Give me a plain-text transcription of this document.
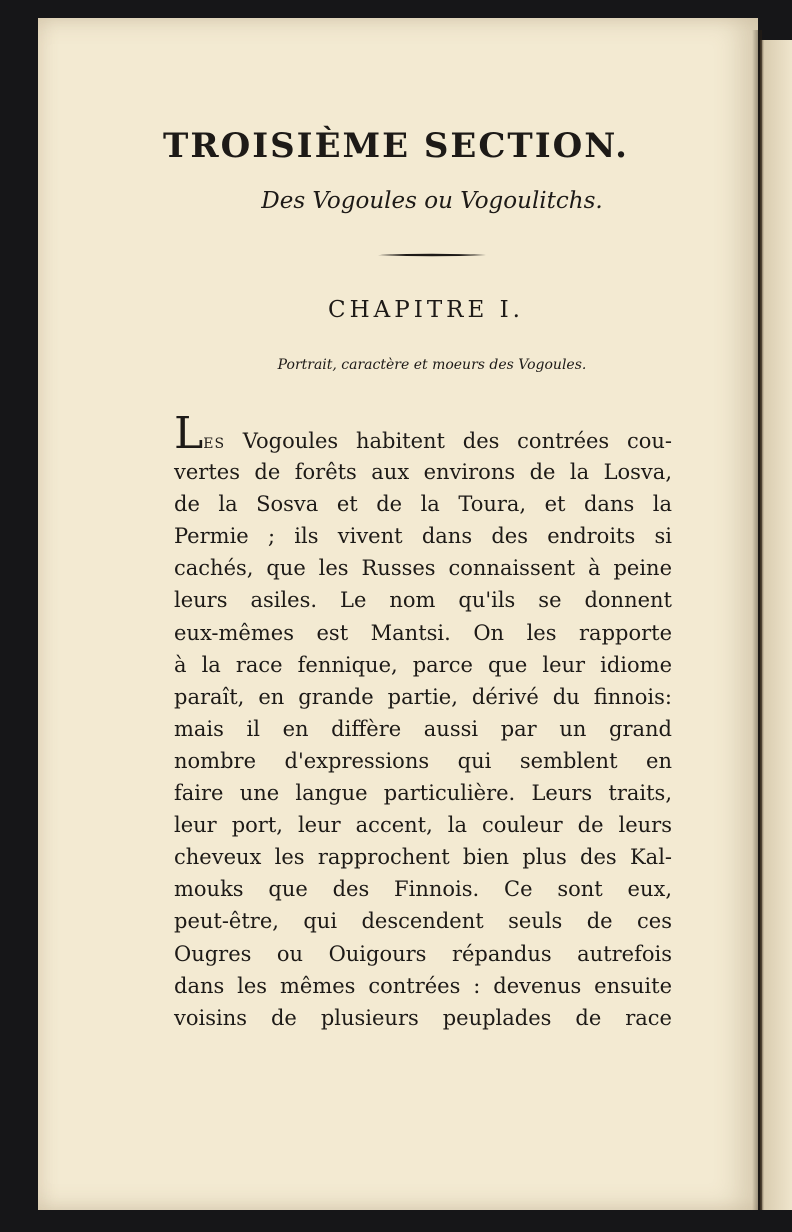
TROISIÈME SECTION.
Des Vogoules ou Vogoulitchs.
CHAPITRE I.
Portrait, caractère et moeurs des Vogoules.
LES Vogoules habitent des contrées cou-
vertes de forêts aux environs de la Losva,
de la Sosva et de la Toura, et dans la
Permie ; ils vivent dans des endroits si
cachés, que les Russes connaissent à peine
leurs asiles. Le nom qu'ils se donnent
eux-mêmes est Mantsi. On les rapporte
à la race fennique, parce que leur idiome
paraît, en grande partie, dérivé du finnois:
mais il en diffère aussi par un grand
nombre d'expressions qui semblent en
faire une langue particulière. Leurs traits,
leur port, leur accent, la couleur de leurs
cheveux les rapprochent bien plus des Kal-
mouks que des Finnois. Ce sont eux,
peut-être, qui descendent seuls de ces
Ougres ou Ouigours répandus autrefois
dans les mêmes contrées : devenus ensuite
voisins de plusieurs peuplades de race
